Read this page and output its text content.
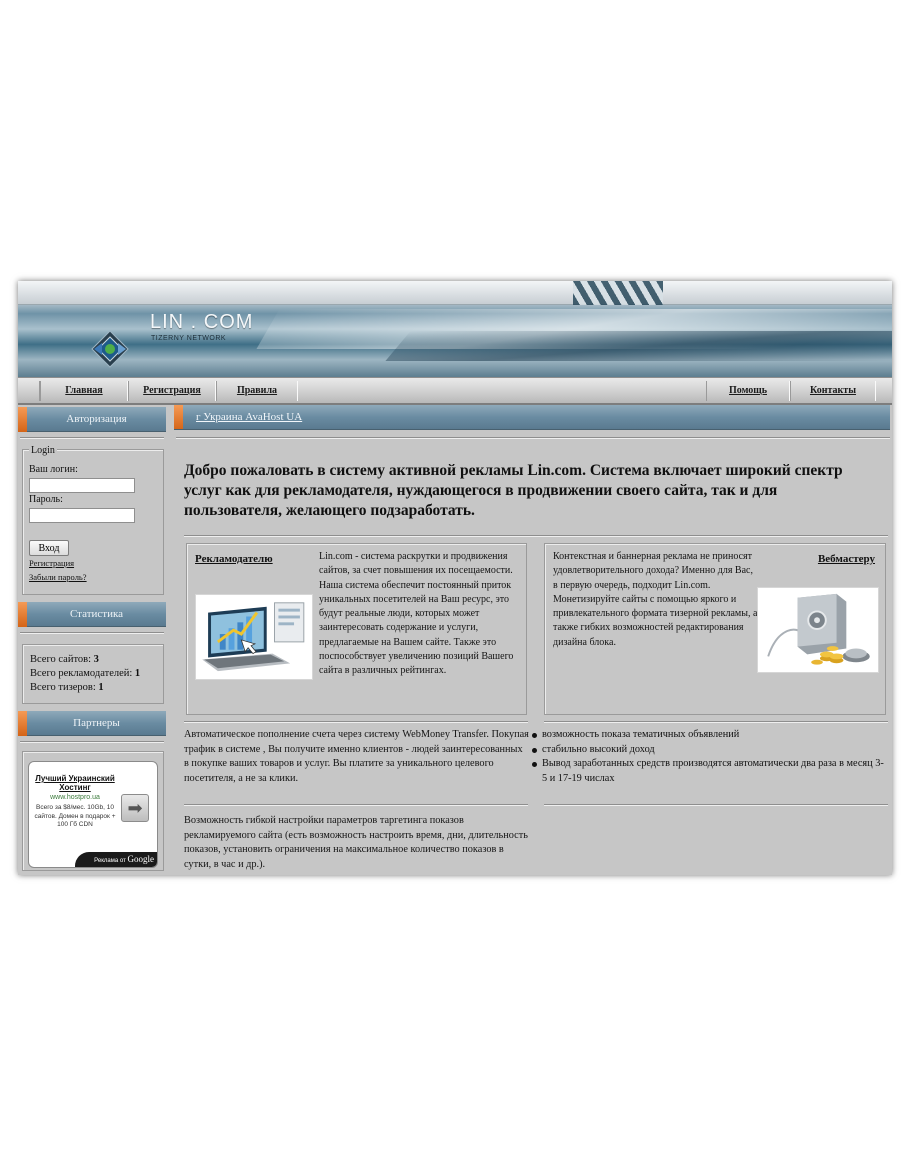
LIN . COM
TIZERNY NETWORK
Главная	Регистрация	Правила	Помощь	Контакты
Авторизация
Login
Ваш логин:
Пароль:
Вход
Регистрация
Забыли пароль?
Статистика
Всего сайтов: 3
Всего рекламодателей: 1
Всего тизеров: 1
Партнеры
Лучший Украинский Хостинг
www.hostpro.ua
Всего за $8/мес. 10Gb, 10 сайтов. Домен в подарок + 100 Гб CDN
➡
Реклама от Google
г Украина AvaHost UA
Добро пожаловать в систему активной рекламы Lin.com. Система включает широкий спектр услуг как для рекламодателя, нуждающегося в продвижении своего сайта, так и для пользователя, желающего подзаработать.
Рекламодателю	Lin.com - система раскрутки и продвижения сайтов, за счет повышения их посещаемости. Наша система обеспечит постоянный приток уникальных посетителей на Ваш ресурс, это будут реальные люди, которых может заинтересовать содержание и услуги, предлагаемые на Вашем сайте. Также это поспособствует увеличению позиций Вашего сайта в различных рейтингах.
Вебмастеру
Контекстная и баннерная реклама не приносят удовлетворительного дохода? Именно для Вас, в первую очередь, подходит Lin.com. Монетизируйте сайты с помощью яркого и привлекательного формата тизерной рекламы, а также гибких возможностей редактирования дизайна блока.
Автоматическое пополнение счета через систему WebMoney Transfer. Покупая трафик в системе , Вы получите именно клиентов - людей заинтересованных в покупке ваших товаров и услуг. Вы платите за уникального целевого посетителя, а не за клики.
возможность показа тематичных объявлений
стабильно высокий доход
Вывод заработанных средств производятся автоматически два раза в месяц 3-5 и 17-19 числах
Возможность гибкой настройки параметров таргетинга показов рекламируемого сайта (есть возможность настроить время, дни, длительность показов, установить ограничения на максимальное количество показов в сутки, в час и др.).
